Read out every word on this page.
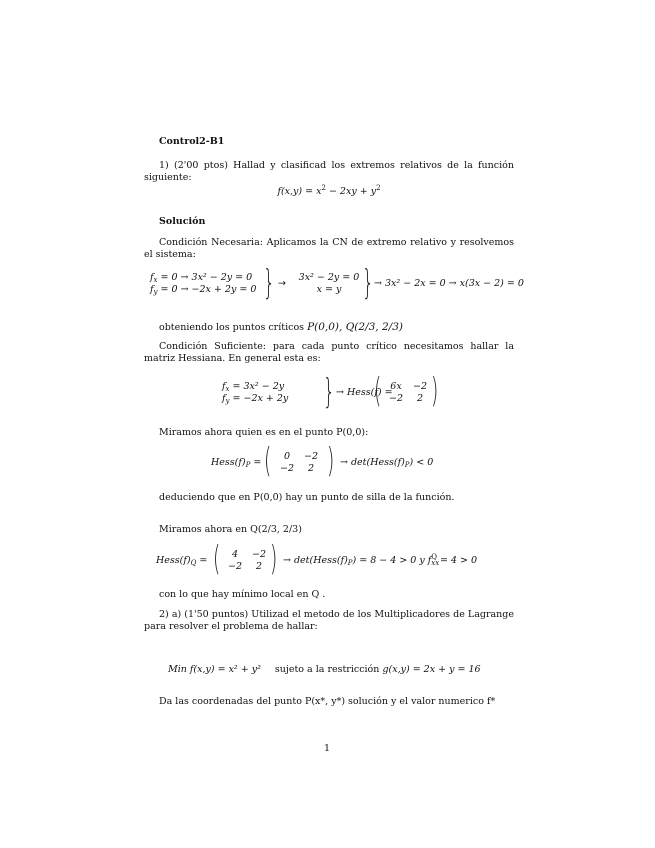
Control2-B1
1) (2'00 ptos) Hallad y clasificad los extremos relativos de la función siguiente:
$f(x,y) = x^2 - 2xy + y^2$
Solución
Condición Necesaria: Aplicamos la CN de extremo relativo y resolvemos el sistema:
$f_x = 0 \to 3x^2 - 2y = 0$
$f_y = 0 \to -2x + 2y = 0$ } →
3x² − 2y = 0
x = y } → 3x² − 2x = 0 → x(3x − 2) = 0
obteniendo los puntos críticos P(0,0), Q(2/3, 2/3)
Condición Suficiente: para cada punto crítico necesitamos hallar la matriz Hessiana. En general esta es:
$f_x = 3x^2 - 2y$
$f_y = -2x + 2y$ } → Hess(f) =
( 6x	−2
−2	2 )
Miramos ahora quien es en el punto P(0,0):
$Hess(f)_P$ = ( 0	−2
−2	2 ) → $\det(Hess(f)_P) < 0$
deduciendo que en P(0,0) hay un punto de silla de la función.
Miramos ahora en Q(2/3, 2/3)
$Hess(f)_Q$ = ( 4	−2
−2	2 ) → $\det(Hess(f)_P) = 8 - 4 > 0$ y $f_{xx}^Q = 4 > 0$
con lo que hay mínimo local en Q .
2) a) (1'50 puntos) Utilizad el metodo de los Multiplicadores de Lagrange para resolver el problema de hallar:
Min f(x,y) = x² + y² sujeto a la restricción g(x,y) = 2x + y = 16
Da las coordenadas del punto P(x*, y*) solución y el valor numerico f*
1
